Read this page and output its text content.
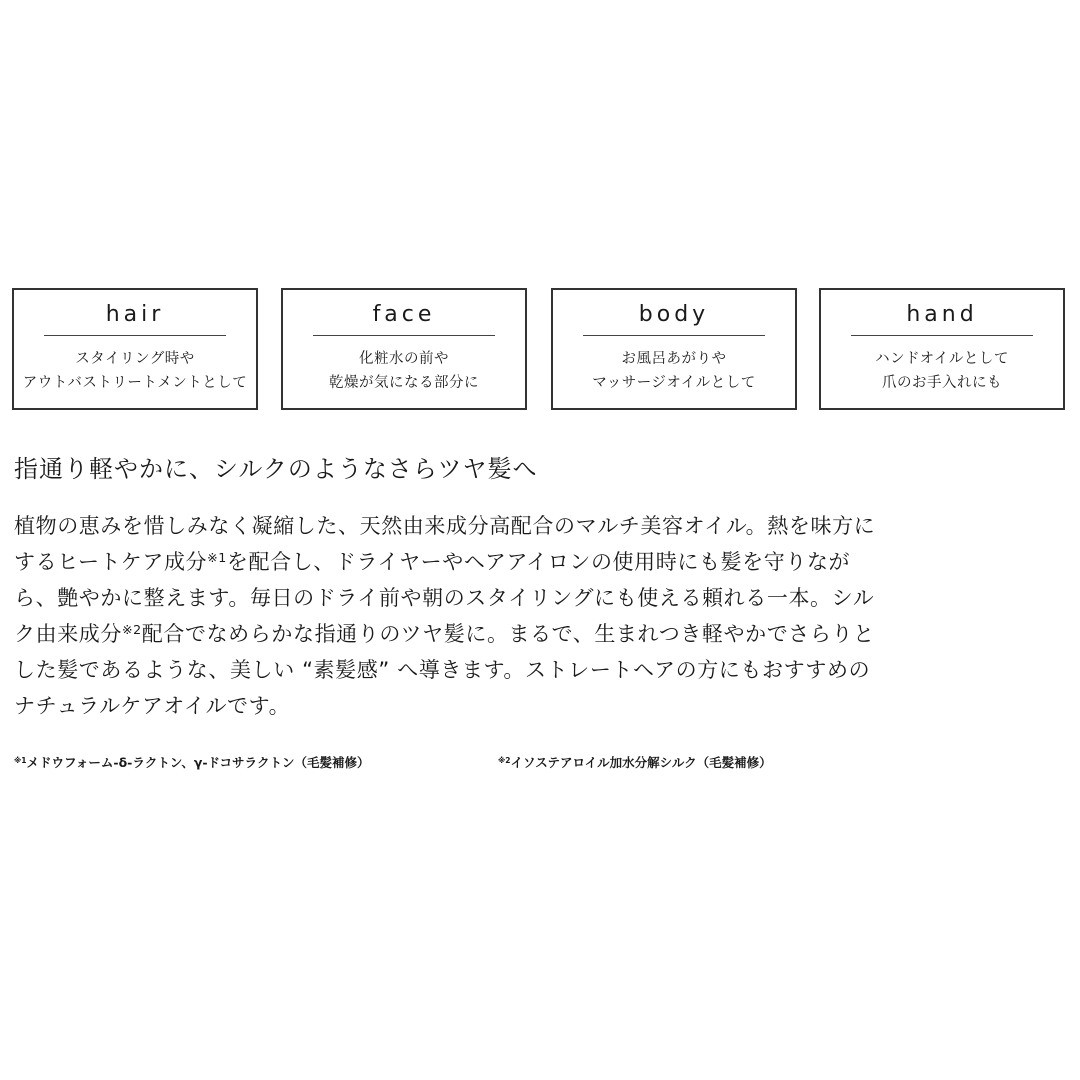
hair
スタイリング時や
アウトバストリートメントとして
face
化粧水の前や
乾燥が気になる部分に
body
お風呂あがりや
マッサージオイルとして
hand
ハンドオイルとして
爪のお手入れにも
指通り軽やかに、シルクのようなさらツヤ髪へ
植物の恵みを惜しみなく凝縮した、天然由来成分高配合のマルチ美容オイル。熱を味方に
するヒートケア成分$^{※1}$を配合し、ドライヤーやヘアアイロンの使用時にも髪を守りなが
ら、艶やかに整えます。毎日のドライ前や朝のスタイリングにも使える頼れる一本。シル
ク由来成分$^{※2}$配合でなめらかな指通りのツヤ髪に。まるで、生まれつき軽やかでさらりと
した髪であるような、美しい “素髪感” へ導きます。ストレートヘアの方にもおすすめの
ナチュラルケアオイルです。
$^{※1}$メドウフォーム-δ-ラクトン、γ-ドコサラクトン（毛髪補修）	$^{※2}$イソステアロイル加水分解シルク（毛髪補修）
